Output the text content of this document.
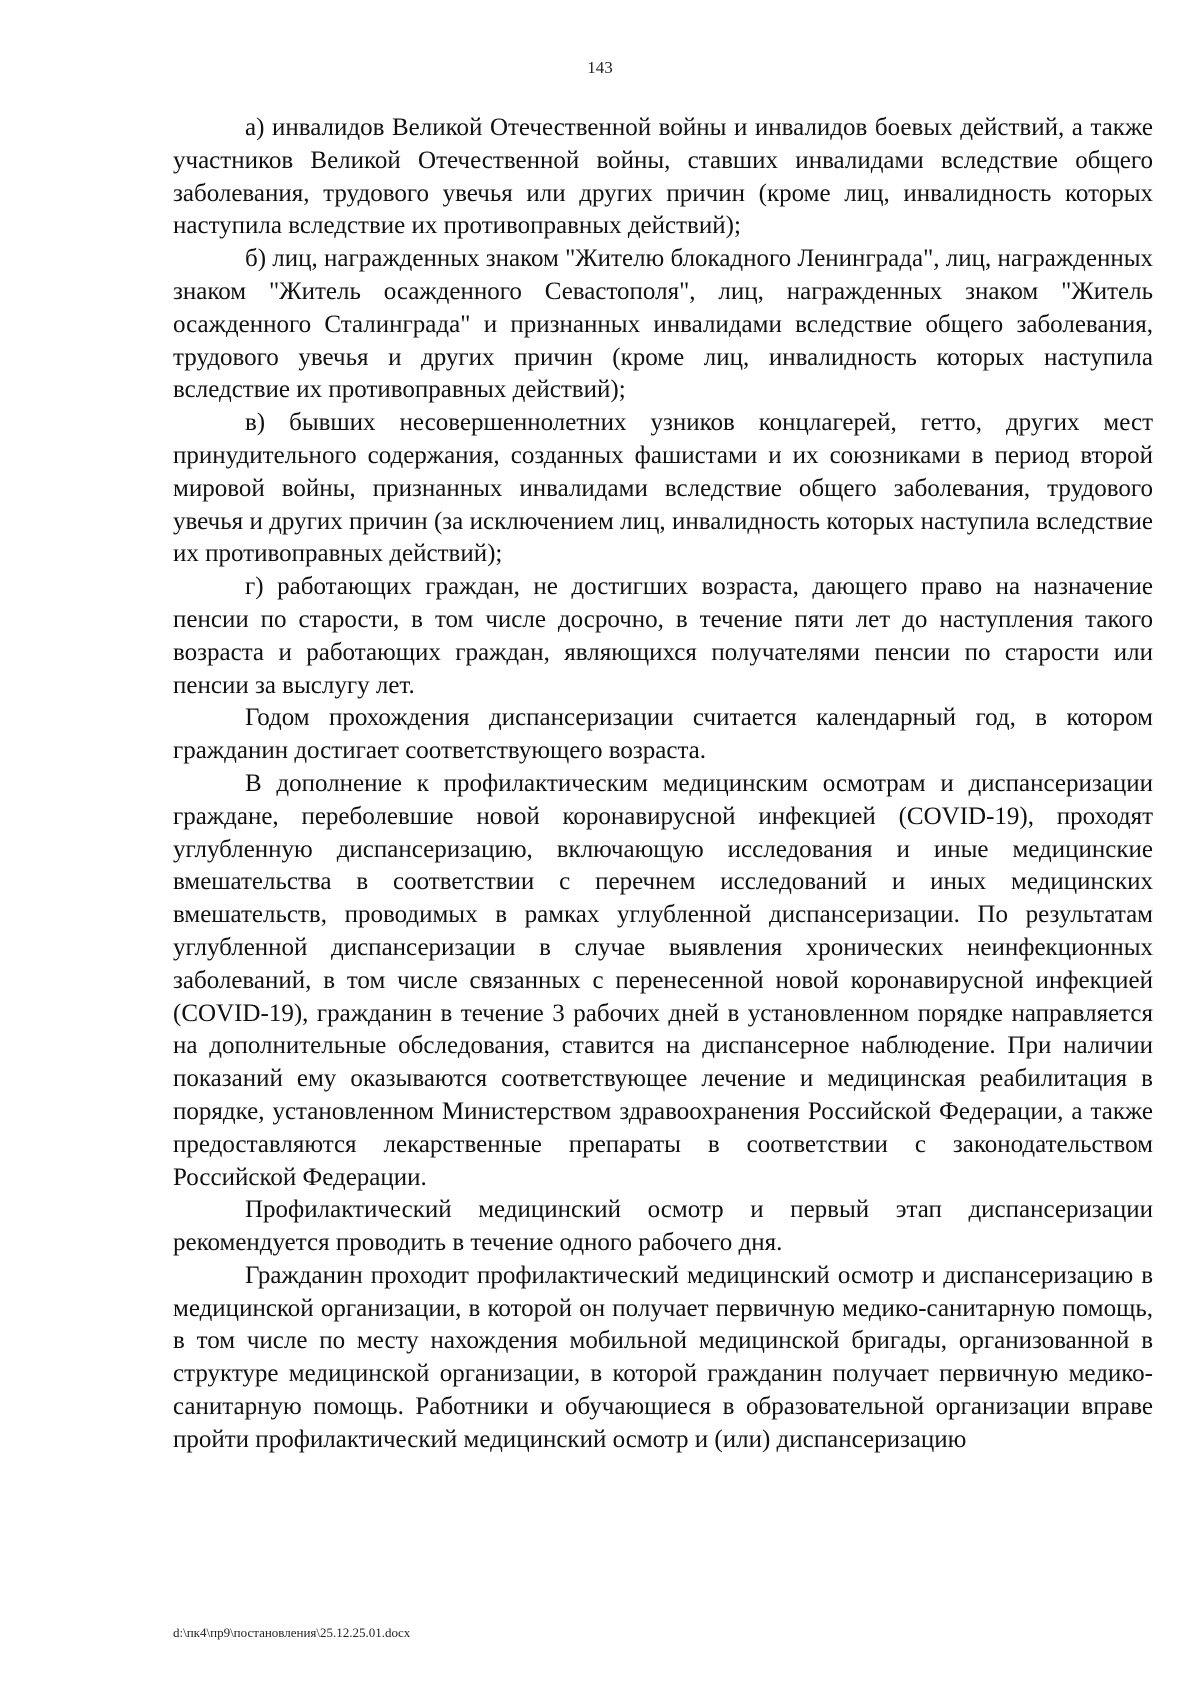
143

а) инвалидов Великой Отечественной войны и инвалидов боевых действий, а также участников Великой Отечественной войны, ставших инвалидами вследствие общего заболевания, трудового увечья или других причин (кроме лиц, инвалидность которых наступила вследствие их противоправных действий);

б) лиц, награжденных знаком "Жителю блокадного Ленинграда", лиц, награжденных знаком "Житель осажденного Севастополя", лиц, награжденных знаком "Житель осажденного Сталинграда" и признанных инвалидами вследствие общего заболевания, трудового увечья и других причин (кроме лиц, инвалидность которых наступила вследствие их противоправных действий);

в) бывших несовершеннолетних узников концлагерей, гетто, других мест принудительного содержания, созданных фашистами и их союзниками в период второй мировой войны, признанных инвалидами вследствие общего заболевания, трудового увечья и других причин (за исключением лиц, инвалидность которых наступила вследствие их противоправных действий);

г) работающих граждан, не достигших возраста, дающего право на назначение пенсии по старости, в том числе досрочно, в течение пяти лет до наступления такого возраста и работающих граждан, являющихся получателями пенсии по старости или пенсии за выслугу лет.

Годом прохождения диспансеризации считается календарный год, в котором гражданин достигает соответствующего возраста.

В дополнение к профилактическим медицинским осмотрам и диспансеризации граждане, переболевшие новой коронавирусной инфекцией (COVID-19), проходят углубленную диспансеризацию, включающую исследования и иные медицинские вмешательства в соответствии с перечнем исследований и иных медицинских вмешательств, проводимых в рамках углубленной диспансеризации. По результатам углубленной диспансеризации в случае выявления хронических неинфекционных заболеваний, в том числе связанных с перенесенной новой коронавирусной инфекцией (COVID-19), гражданин в течение 3 рабочих дней в установленном порядке направляется на дополнительные обследования, ставится на диспансерное наблюдение. При наличии показаний ему оказываются соответствующее лечение и медицинская реабилитация в порядке, установленном Министерством здравоохранения Российской Федерации, а также предоставляются лекарственные препараты в соответствии с законодательством Российской Федерации.

Профилактический медицинский осмотр и первый этап диспансеризации рекомендуется проводить в течение одного рабочего дня.

Гражданин проходит профилактический медицинский осмотр и диспансеризацию в медицинской организации, в которой он получает первичную медико-санитарную помощь, в том числе по месту нахождения мобильной медицинской бригады, организованной в структуре медицинской организации, в которой гражданин получает первичную медико-санитарную помощь. Работники и обучающиеся в образовательной организации вправе пройти профилактический медицинский осмотр и (или) диспансеризацию

d:\пк4\пр9\постановления\25.12.25.01.docx
